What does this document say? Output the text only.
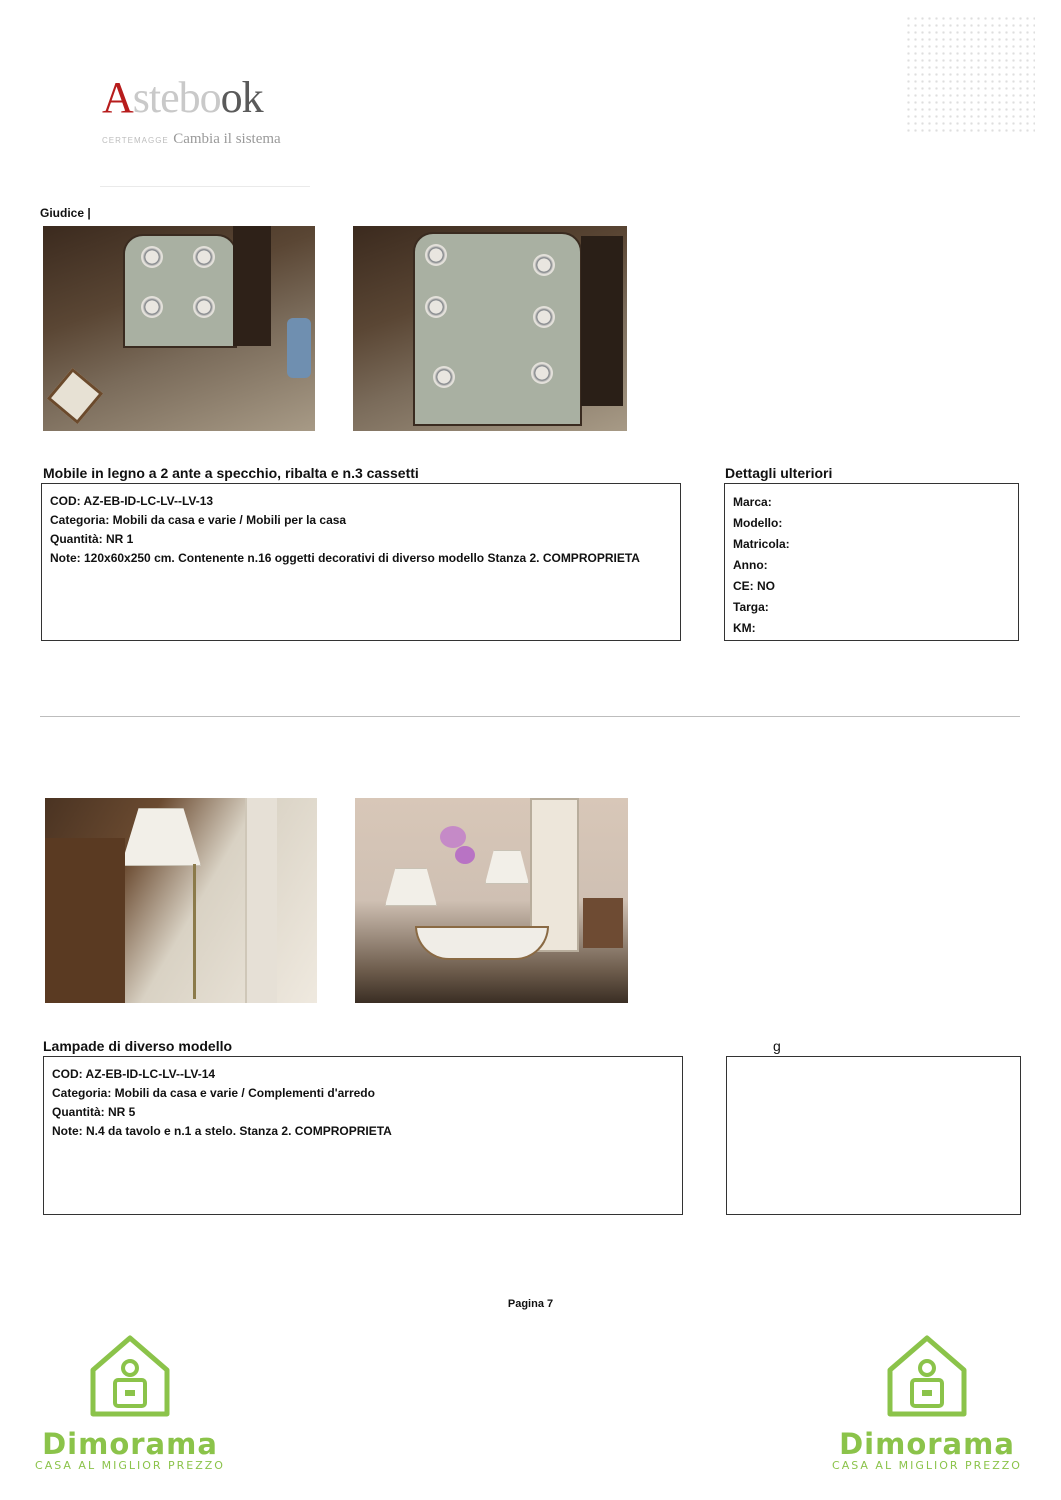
Astebook
CERTEMAGGE Cambia il sistema
Giudice |
Mobile in legno a 2 ante a specchio, ribalta e n.3 cassetti
COD: AZ-EB-ID-LC-LV--LV-13
Categoria: Mobili da casa e varie / Mobili per la casa
Quantità: NR 1
Note: 120x60x250 cm. Contenente n.16 oggetti decorativi di diverso modello Stanza 2. COMPROPRIETA
Dettagli ulteriori
Marca:
Modello:
Matricola:
Anno:
CE: NO
Targa:
KM:
Lampade di diverso modello
COD: AZ-EB-ID-LC-LV--LV-14
Categoria: Mobili da casa e varie / Complementi d'arredo
Quantità: NR 5
Note: N.4 da tavolo e n.1 a stelo. Stanza 2. COMPROPRIETA
g
Pagina 7
Dimorama
CASA AL MIGLIOR PREZZO
Dimorama
CASA AL MIGLIOR PREZZO
